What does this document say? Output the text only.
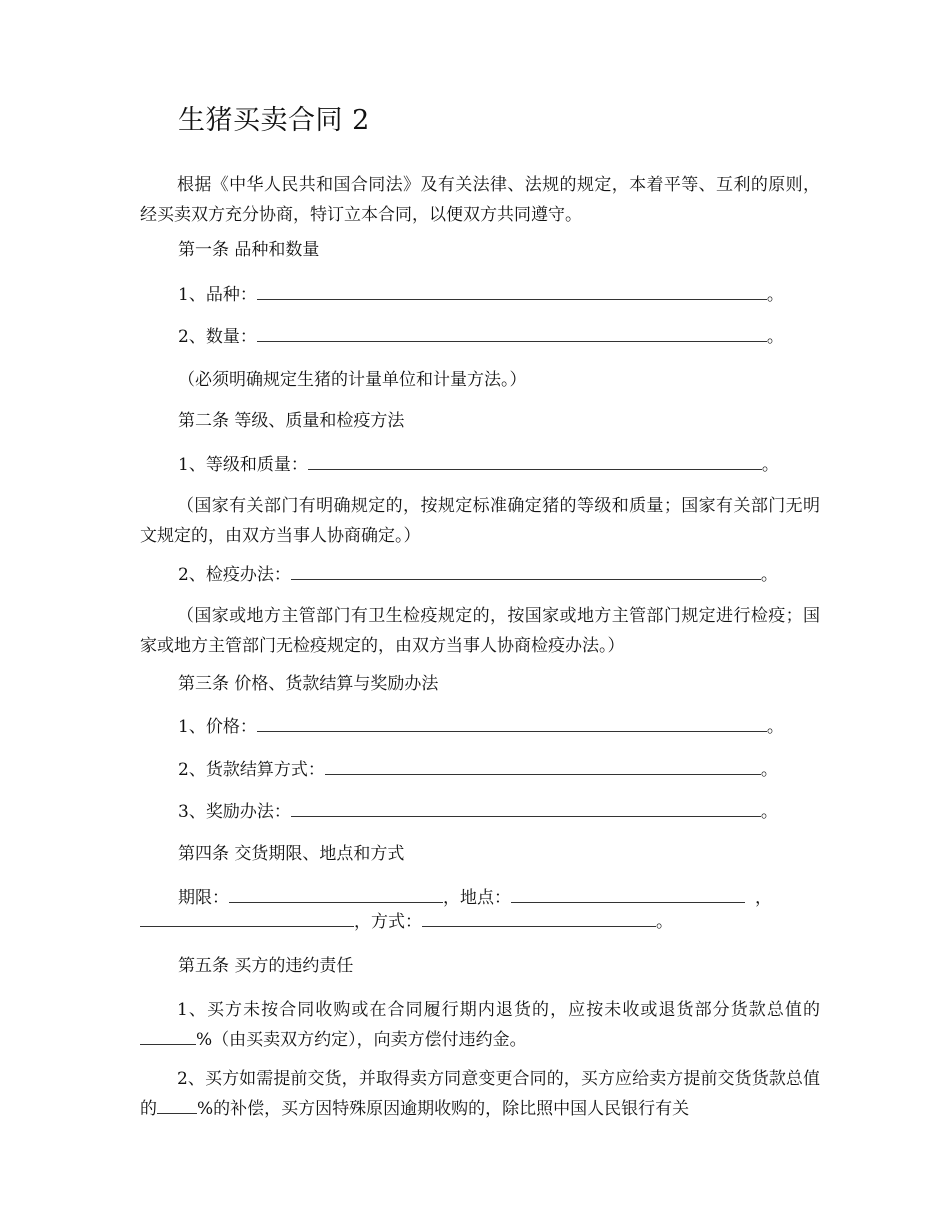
生猪买卖合同 2
根据《中华人民共和国合同法》及有关法律、法规的规定，本着平等、互利的原则，经买卖双方充分协商，特订立本合同，以便双方共同遵守。
第一条 品种和数量
1、品种：	。
2、数量：	。
（必须明确规定生猪的计量单位和计量方法。）
第二条 等级、质量和检疫方法
1、等级和质量：	。
（国家有关部门有明确规定的，按规定标准确定猪的等级和质量；国家有关部门无明文规定的，由双方当事人协商确定。）
2、检疫办法：	。
（国家或地方主管部门有卫生检疫规定的，按国家或地方主管部门规定进行检疫；国家或地方主管部门无检疫规定的，由双方当事人协商检疫办法。）
第三条 价格、货款结算与奖励办法
1、价格：	。
2、货款结算方式：	。
3、奖励办法：	。
第四条 交货期限、地点和方式
期限：	，地点：	，
，方式：	。
第五条 买方的违约责任
1、买方未按合同收购或在合同履行期内退货的，应按未收或退货部分货款总值的%（由买卖双方约定），向卖方偿付违约金。
2、买方如需提前交货，并取得卖方同意变更合同的，买方应给卖方提前交货货款总值的 %的补偿，买方因特殊原因逾期收购的，除比照中国人民银行有关
